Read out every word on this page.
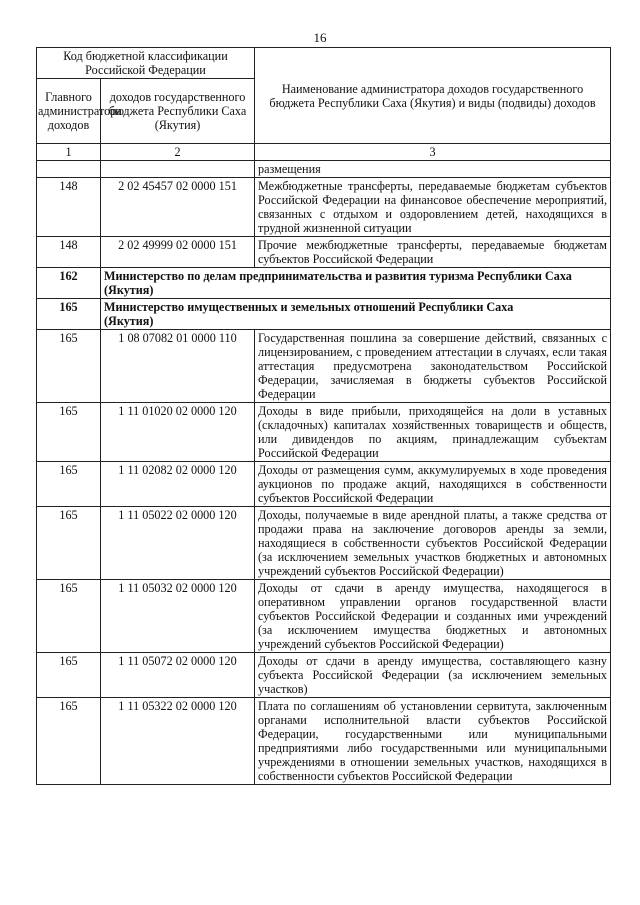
16
Код бюджетной классификации Российской Федерации		Наименование администратора доходов государственного бюджета Республики Саха (Якутия) и виды (подвиды) доходов
Главного администратора доходов	доходов государственного бюджета Республики Саха (Якутия)	
1	2	3
		размещения
148	2 02 45457 02 0000 151	Межбюджетные трансферты, передаваемые бюджетам субъектов Российской Федерации на финансовое обеспечение мероприятий, связанных с отдыхом и оздоровлением детей, находящихся в трудной жизненной ситуации
148	2 02 49999 02 0000 151	Прочие межбюджетные трансферты, передаваемые бюджетам субъектов Российской Федерации
162	Министерство по делам предпринимательства и развития туризма Республики Саха (Якутия)	
165	Министерство имущественных и земельных отношений Республики Саха (Якутия)	
165	1 08 07082 01 0000 110	Государственная пошлина за совершение действий, связанных с лицензированием, с проведением аттестации в случаях, если такая аттестация предусмотрена законодательством Российской Федерации, зачисляемая в бюджеты субъектов Российской Федерации
165	1 11 01020 02 0000 120	Доходы в виде прибыли, приходящейся на доли в уставных (складочных) капиталах хозяйственных товариществ и обществ, или дивидендов по акциям, принадлежащим субъектам Российской Федерации
165	1 11 02082 02 0000 120	Доходы от размещения сумм, аккумулируемых в ходе проведения аукционов по продаже акций, находящихся в собственности субъектов Российской Федерации
165	1 11 05022 02 0000 120	Доходы, получаемые в виде арендной платы, а также средства от продажи права на заключение договоров аренды за земли, находящиеся в собственности субъектов Российской Федерации (за исключением земельных участков бюджетных и автономных учреждений субъектов Российской Федерации)
165	1 11 05032 02 0000 120	Доходы от сдачи в аренду имущества, находящегося в оперативном управлении органов государственной власти субъектов Российской Федерации и созданных ими учреждений (за исключением имущества бюджетных и автономных учреждений субъектов Российской Федерации)
165	1 11 05072 02 0000 120	Доходы от сдачи в аренду имущества, составляющего казну субъекта Российской Федерации (за исключением земельных участков)
165	1 11 05322 02 0000 120	Плата по соглашениям об установлении сервитута, заключенным органами исполнительной власти субъектов Российской Федерации, государственными или муниципальными предприятиями либо государственными или муниципальными учреждениями в отношении земельных участков, находящихся в собственности субъектов Российской Федерации
